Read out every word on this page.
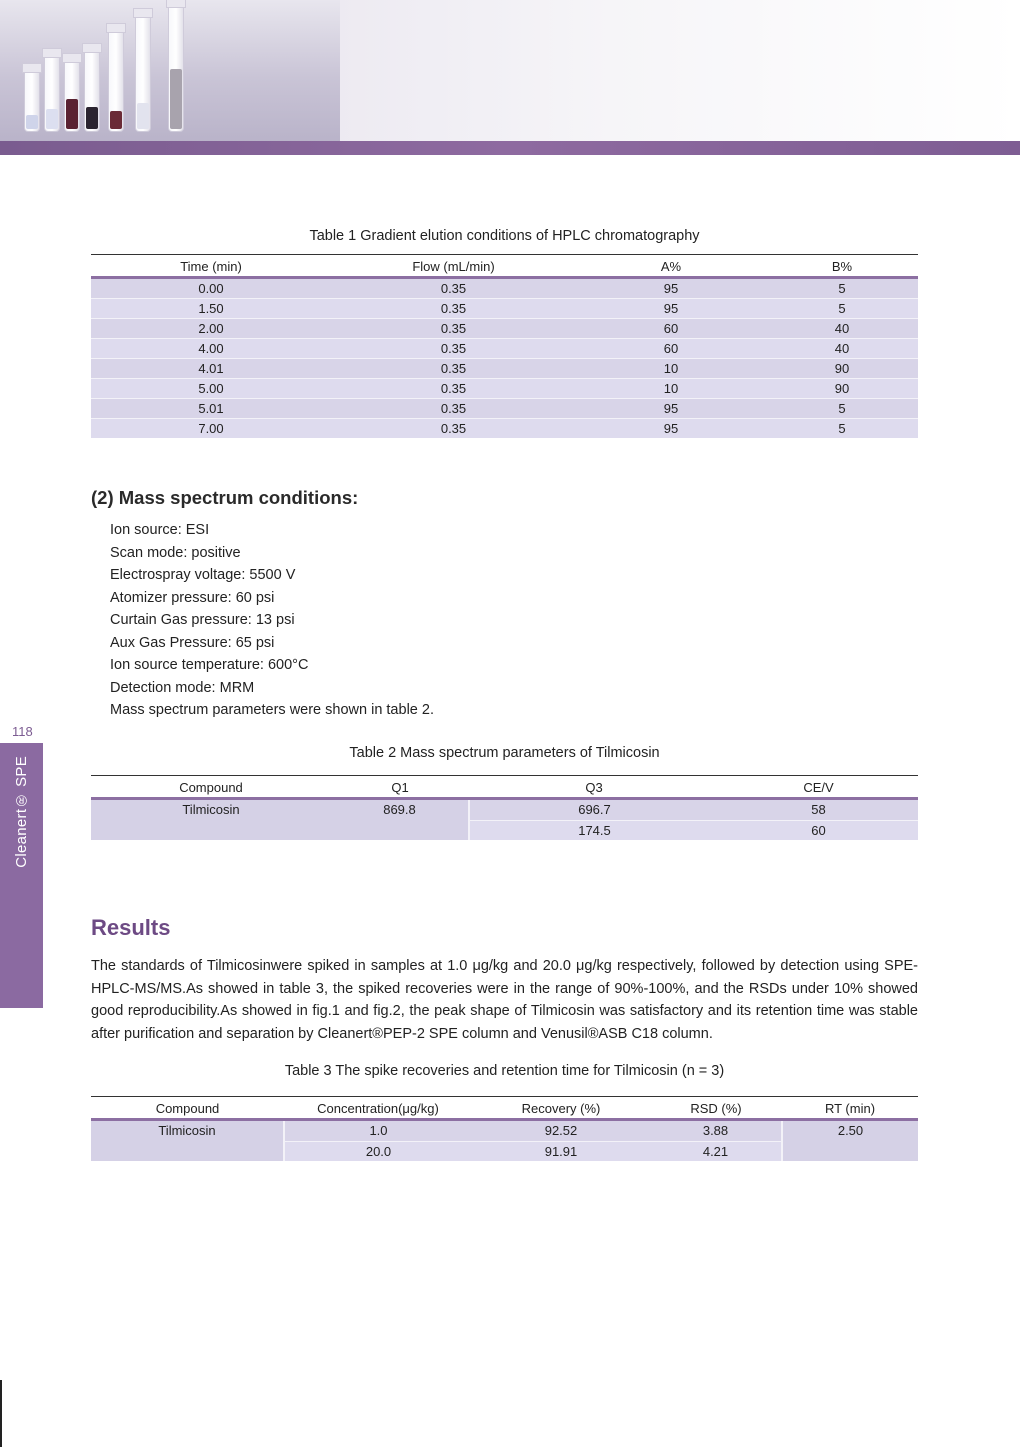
118
Cleanert® SPE
Table 1 Gradient elution conditions of HPLC chromatography
Time (min)	Flow (mL/min)	A%	B%
0.00	0.35	95	5
1.50	0.35	95	5
2.00	0.35	60	40
4.00	0.35	60	40
4.01	0.35	10	90
5.00	0.35	10	90
5.01	0.35	95	5
7.00	0.35	95	5
(2) Mass spectrum conditions:
Ion source: ESI
Scan mode: positive
Electrospray voltage: 5500 V
Atomizer pressure: 60 psi
Curtain Gas pressure: 13 psi
Aux Gas Pressure: 65 psi
Ion source temperature: 600°C
Detection mode: MRM
Mass spectrum parameters were shown in table 2.
Table 2 Mass spectrum parameters of Tilmicosin
Compound	Q1	Q3	CE/V
Tilmicosin	869.8	696.7	58
		174.5	60
Results
The standards of Tilmicosinwere spiked in samples at 1.0 μg/kg and 20.0 μg/kg respectively, followed by detection using SPE-HPLC-MS/MS.As showed in table 3, the spiked recoveries were in the range of 90%-100%, and the RSDs under 10% showed good reproducibility.As showed in fig.1 and fig.2, the peak shape of Tilmicosin was satisfactory and its retention time was stable after purification and separation by Cleanert®PEP-2 SPE column and Venusil®ASB C18 column.
Table 3 The spike recoveries and retention time for Tilmicosin (n = 3)
Compound	Concentration(μg/kg)	Recovery (%)	RSD (%)	RT (min)
Tilmicosin	1.0	92.52	3.88	2.50
	20.0	91.91	4.21	
